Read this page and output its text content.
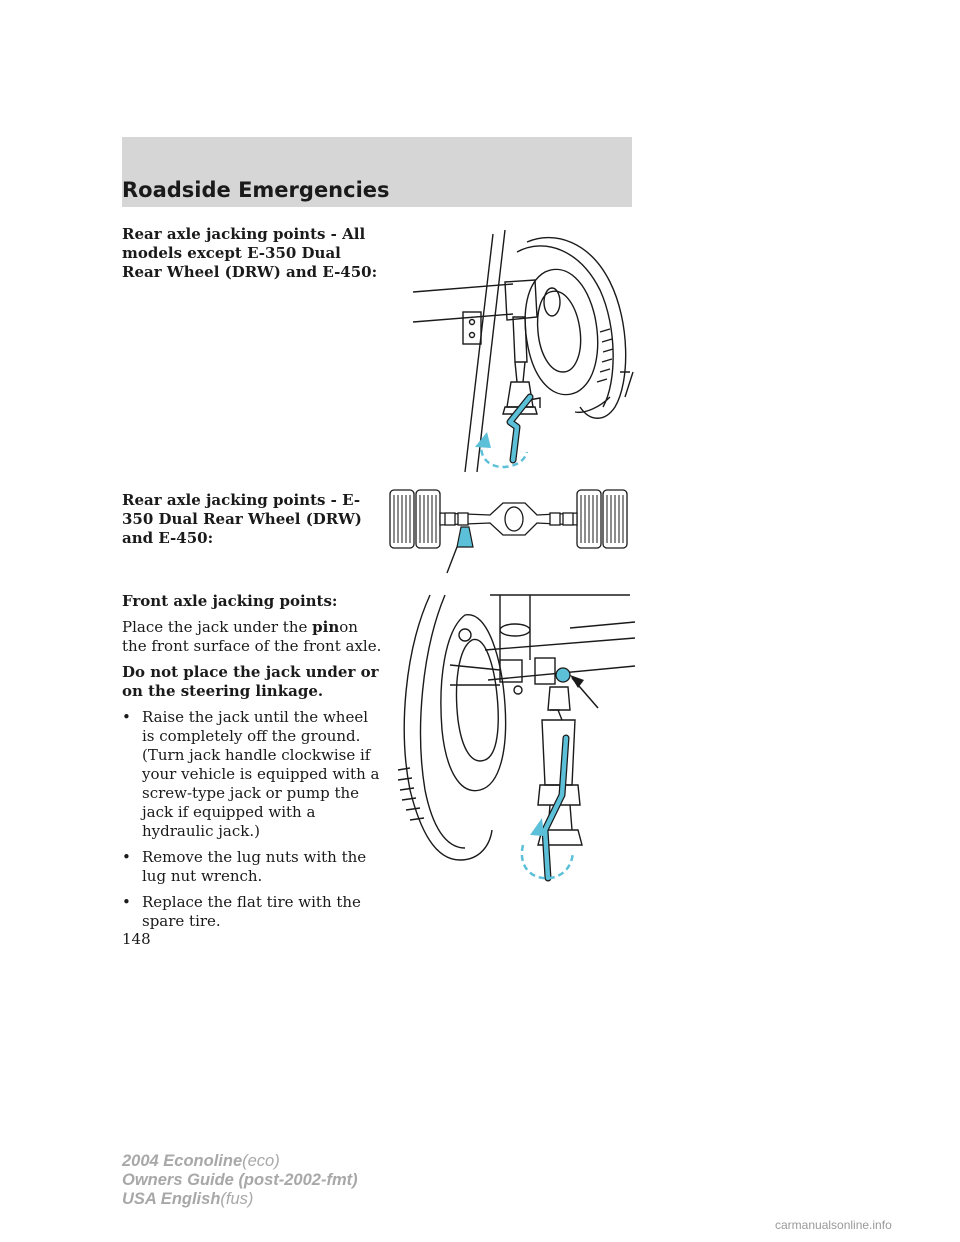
Roadside Emergencies
Rear axle jacking points - All models except E-350 Dual Rear Wheel (DRW) and E-450:
Rear axle jacking points - E-350 Dual Rear Wheel (DRW) and E-450:

Front axle jacking points:

Place the jack under the pinon the front surface of the front axle.

Do not place the jack under or on the steering linkage.

• Raise the jack until the wheel is completely off the ground. (Turn jack handle clockwise if your vehicle is equipped with a screw-type jack or pump the jack if equipped with a hydraulic jack.)
• Remove the lug nuts with the lug nut wrench.
• Replace the flat tire with the spare tire.
148
2004 Econoline(eco)
Owners Guide (post-2002-fmt)
USA English(fus)
carmanualsonline.info
